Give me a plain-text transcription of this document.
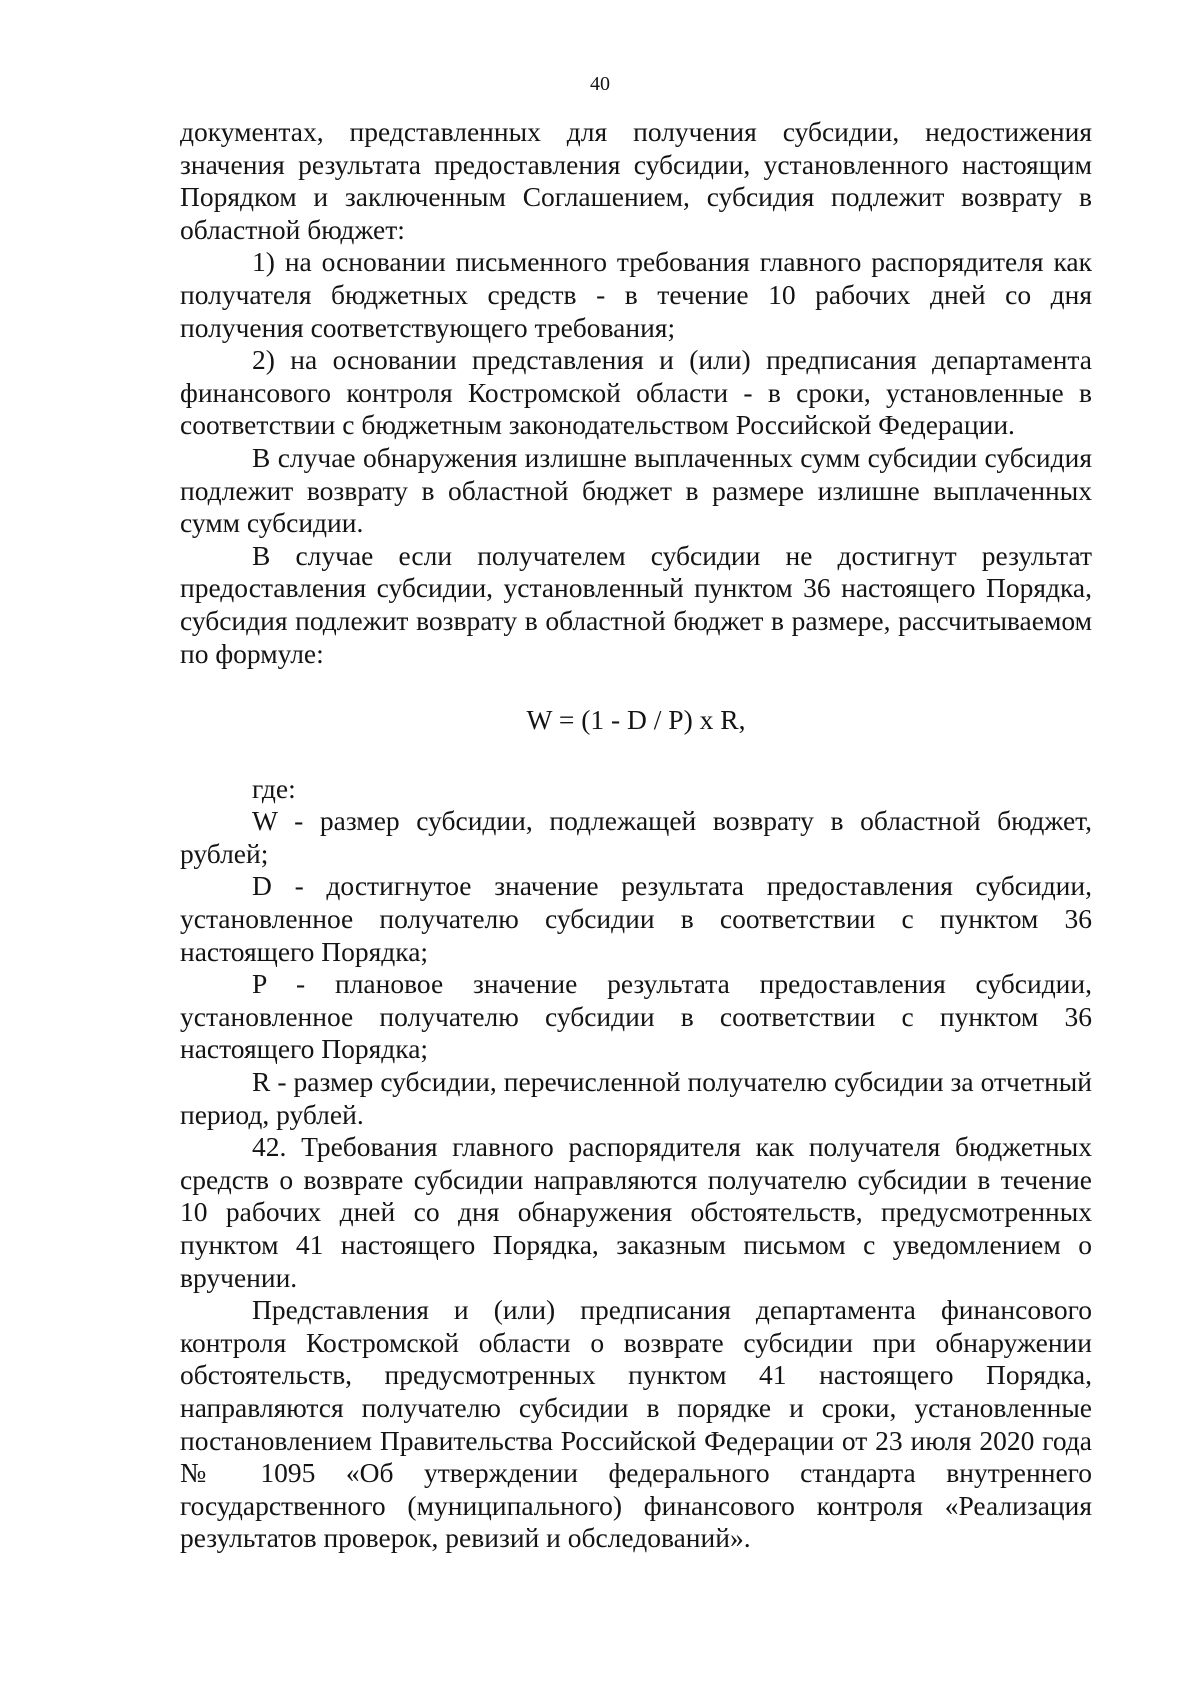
40

документах, представленных для получения субсидии, недостижения значения результата предоставления субсидии, установленного настоящим Порядком и заключенным Соглашением, субсидия подлежит возврату в областной бюджет:

1) на основании письменного требования главного распорядителя как получателя бюджетных средств - в течение 10 рабочих дней со дня получения соответствующего требования;

2) на основании представления и (или) предписания департамента финансового контроля Костромской области - в сроки, установленные в соответствии с бюджетным законодательством Российской Федерации.

В случае обнаружения излишне выплаченных сумм субсидии субсидия подлежит возврату в областной бюджет в размере излишне выплаченных сумм субсидии.

В случае если получателем субсидии не достигнут результат предоставления субсидии, установленный пунктом 36 настоящего Порядка, субсидия подлежит возврату в областной бюджет в размере, рассчитываемом по формуле:

W = (1 - D / P) x R,

где:

W - размер субсидии, подлежащей возврату в областной бюджет, рублей;

D - достигнутое значение результата предоставления субсидии, установленное получателю субсидии в соответствии с пунктом 36 настоящего Порядка;

P - плановое значение результата предоставления субсидии, установленное получателю субсидии в соответствии с пунктом 36 настоящего Порядка;

R - размер субсидии, перечисленной получателю субсидии за отчетный период, рублей.

42. Требования главного распорядителя как получателя бюджетных средств о возврате субсидии направляются получателю субсидии в течение 10 рабочих дней со дня обнаружения обстоятельств, предусмотренных пунктом 41 настоящего Порядка, заказным письмом с уведомлением о вручении.

Представления и (или) предписания департамента финансового контроля Костромской области о возврате субсидии при обнаружении обстоятельств, предусмотренных пунктом 41 настоящего Порядка, направляются получателю субсидии в порядке и сроки, установленные постановлением Правительства Российской Федерации от 23 июля 2020 года № 1095 «Об утверждении федерального стандарта внутреннего государственного (муниципального) финансового контроля «Реализация результатов проверок, ревизий и обследований».
